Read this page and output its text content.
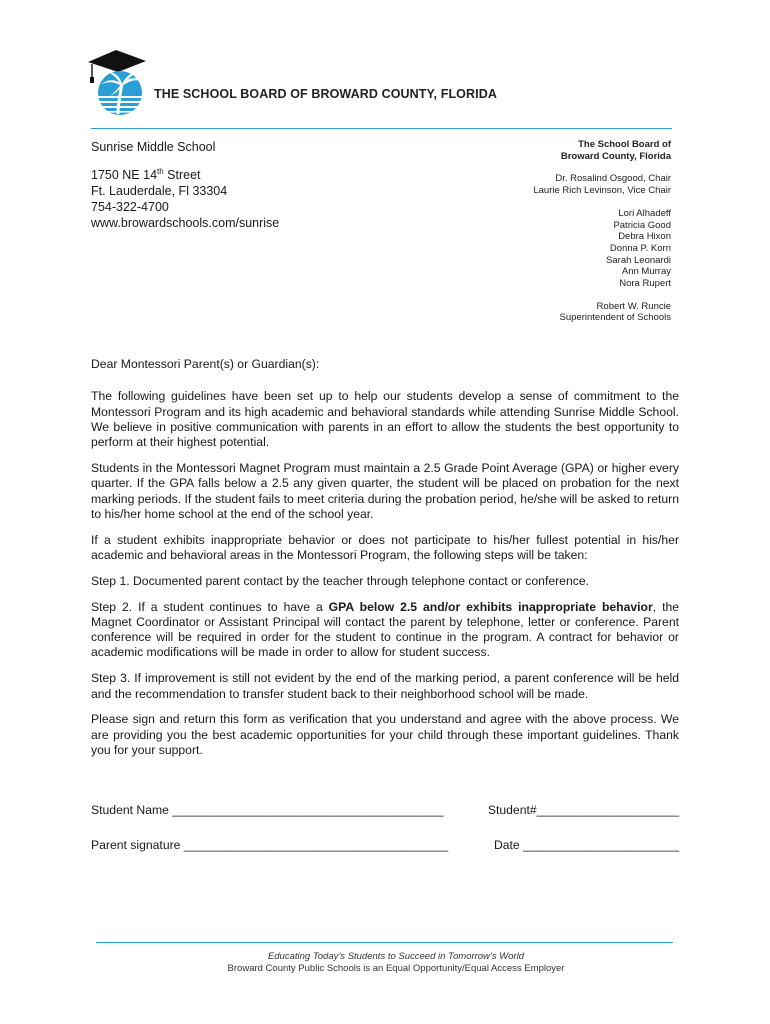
THE SCHOOL BOARD OF BROWARD COUNTY, FLORIDA
Sunrise Middle School
1750 NE 14th Street
Ft. Lauderdale, Fl 33304
754-322-4700
www.browardschools.com/sunrise
The School Board of
Broward County, Florida
Dr. Rosalind Osgood, Chair
Laurie Rich Levinson, Vice Chair
Lori Alhadeff
Patricia Good
Debra Hixon
Donna P. Korn
Sarah Leonardi
Ann Murray
Nora Rupert
Robert W. Runcie
Superintendent of Schools

Dear Montessori Parent(s) or Guardian(s):

The following guidelines have been set up to help our students develop a sense of commitment to the Montessori Program and its high academic and behavioral standards while attending Sunrise Middle School. We believe in positive communication with parents in an effort to allow the students the best opportunity to perform at their highest potential.

Students in the Montessori Magnet Program must maintain a 2.5 Grade Point Average (GPA) or higher every quarter. If the GPA falls below a 2.5 any given quarter, the student will be placed on probation for the next marking periods. If the student fails to meet criteria during the probation period, he/she will be asked to return to his/her home school at the end of the school year.

If a student exhibits inappropriate behavior or does not participate to his/her fullest potential in his/her academic and behavioral areas in the Montessori Program, the following steps will be taken:

Step 1. Documented parent contact by the teacher through telephone contact or conference.

Step 2. If a student continues to have a GPA below 2.5 and/or exhibits inappropriate behavior, the Magnet Coordinator or Assistant Principal will contact the parent by telephone, letter or conference. Parent conference will be required in order for the student to continue in the program. A contract for behavior or academic modifications will be made in order to allow for student success.

Step 3. If improvement is still not evident by the end of the marking period, a parent conference will be held and the recommendation to transfer student back to their neighborhood school will be made.

Please sign and return this form as verification that you understand and agree with the above process. We are providing you the best academic opportunities for your child through these important guidelines. Thank you for your support.

Student Name ________________________________________	Student#_____________________
Parent signature _______________________________________	Date _______________________
Educating Today’s Students to Succeed in Tomorrow’s World
Broward County Public Schools is an Equal Opportunity/Equal Access Employer
